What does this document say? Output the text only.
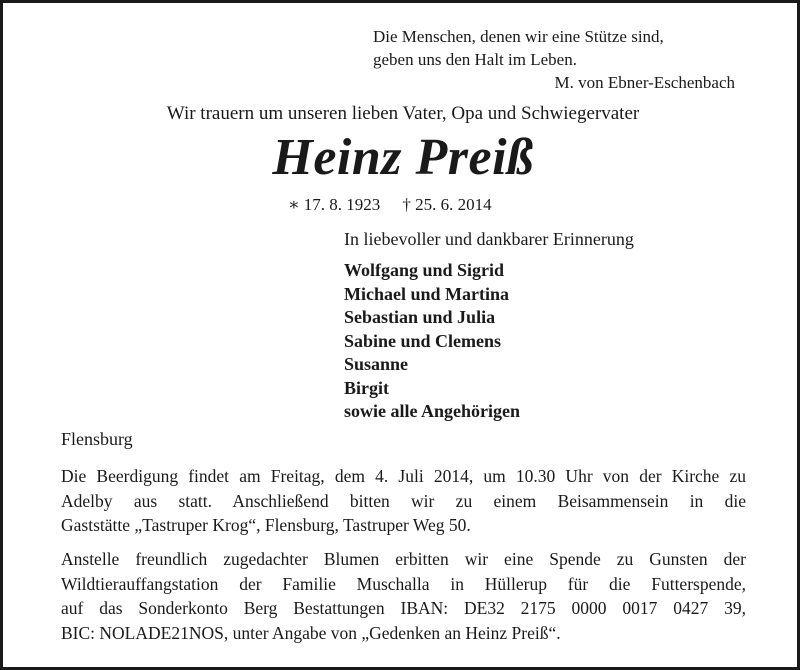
Die Menschen, denen wir eine Stütze sind,
geben uns den Halt im Leben.
M. von Ebner-Eschenbach
Wir trauern um unseren lieben Vater, Opa und Schwiegervater
Heinz Preiß
∗ 17. 8. 1923 † 25. 6. 2014
In liebevoller und dankbarer Erinnerung
Wolfgang und Sigrid
Michael und Martina
Sebastian und Julia
Sabine und Clemens
Susanne
Birgit
sowie alle Angehörigen
Flensburg
Die Beerdigung findet am Freitag, dem 4. Juli 2014, um 10.30 Uhr von der Kirche zu
Adelby aus statt. Anschließend bitten wir zu einem Beisammensein in die
Gaststätte „Tastruper Krog“, Flensburg, Tastruper Weg 50.
Anstelle freundlich zugedachter Blumen erbitten wir eine Spende zu Gunsten der
Wildtierauffangstation der Familie Muschalla in Hüllerup für die Futterspende,
auf das Sonderkonto Berg Bestattungen IBAN: DE32 2175 0000 0017 0427 39,
BIC: NOLADE21NOS, unter Angabe von „Gedenken an Heinz Preiß“.
